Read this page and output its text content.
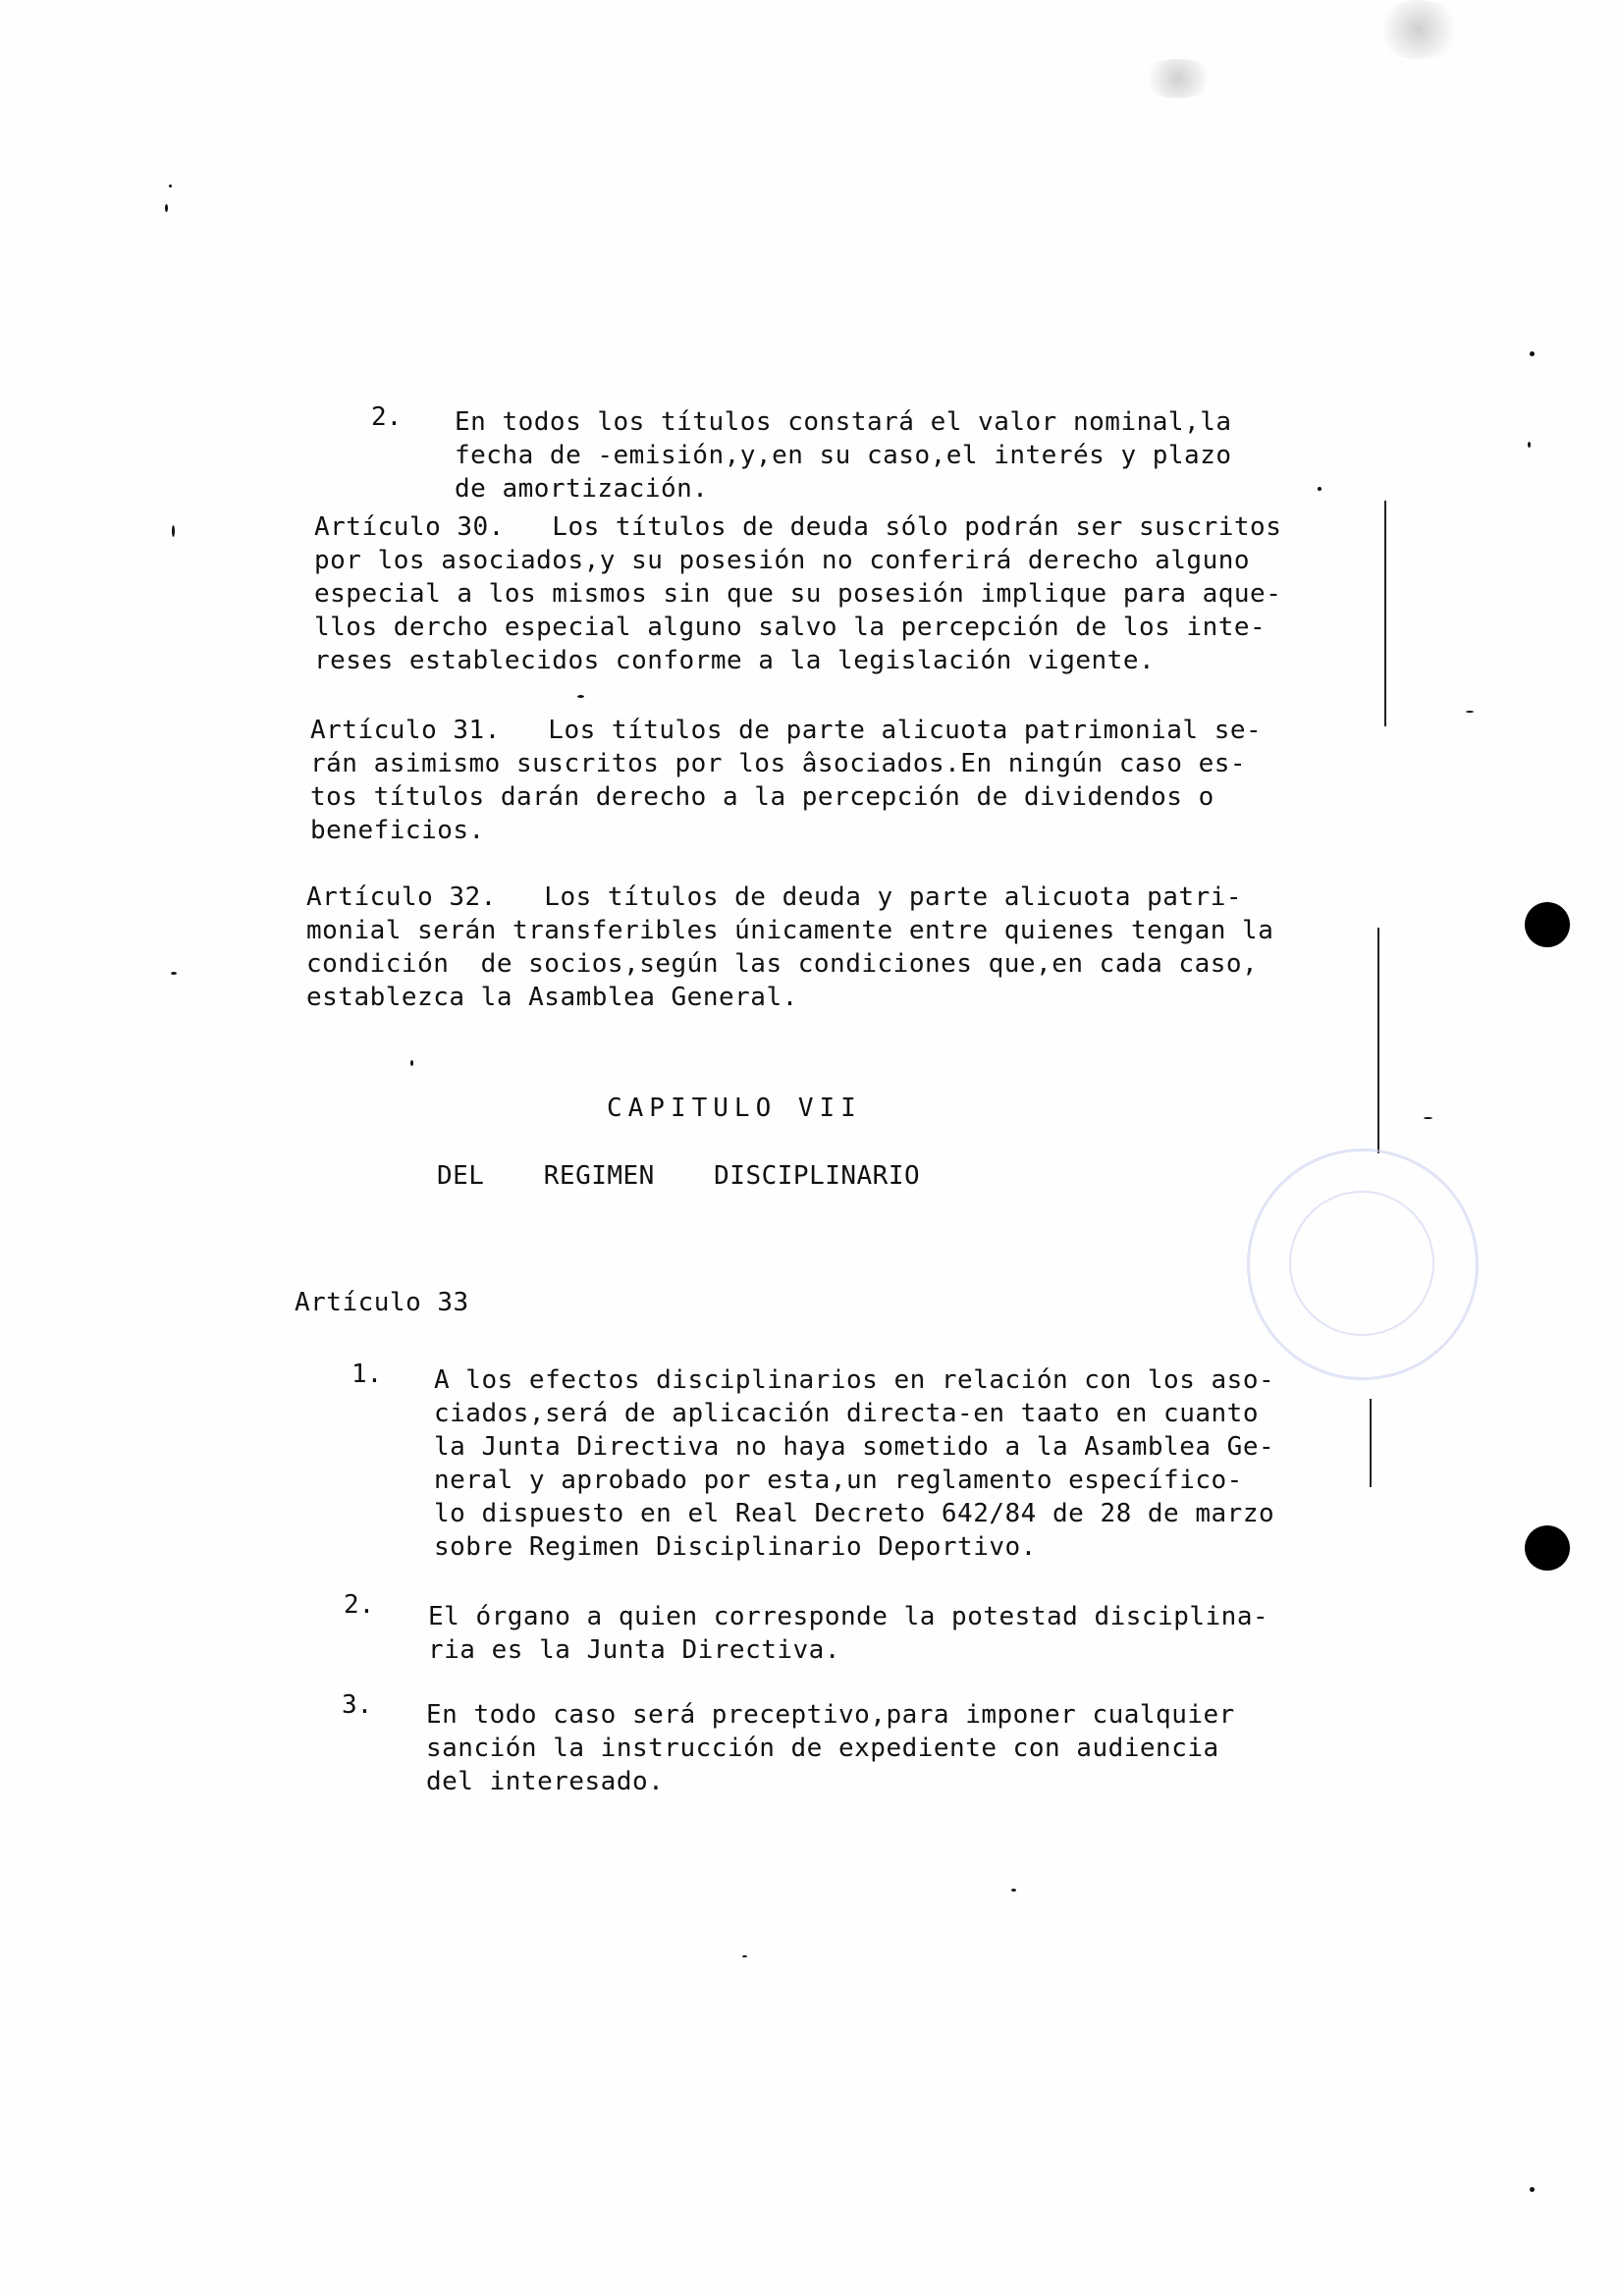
2. En todos los títulos constará el valor nominal,la
fecha de -emisión,y,en su caso,el interés y plazo
de amortización.
Artículo 30.   Los títulos de deuda sólo podrán ser suscritos
por los asociados,y su posesión no conferirá derecho alguno
especial a los mismos sin que su posesión implique para aque-
llos dercho especial alguno salvo la percepción de los inte-
reses establecidos conforme a la legislación vigente.
Artículo 31.   Los títulos de parte alicuota patrimonial se-
rán asimismo suscritos por los âsociados.En ningún caso es-
tos títulos darán derecho a la percepción de dividendos o
beneficios.
Artículo 32.   Los títulos de deuda y parte alicuota patri-
monial serán transferibles únicamente entre quienes tengan la
condición  de socios,según las condiciones que,en cada caso,
establezca la Asamblea General.
CAPITULO VII
DEL  REGIMEN  DISCIPLINARIO
Artículo 33
1. A los efectos disciplinarios en relación con los aso-
ciados,será de aplicación directa-en taato en cuanto
la Junta Directiva no haya sometido a la Asamblea Ge-
neral y aprobado por esta,un reglamento específico-
lo dispuesto en el Real Decreto 642/84 de 28 de marzo
sobre Regimen Disciplinario Deportivo.
2. El órgano a quien corresponde la potestad disciplina-
ria es la Junta Directiva.
3. En todo caso será preceptivo,para imponer cualquier
sanción la instrucción de expediente con audiencia
del interesado.
